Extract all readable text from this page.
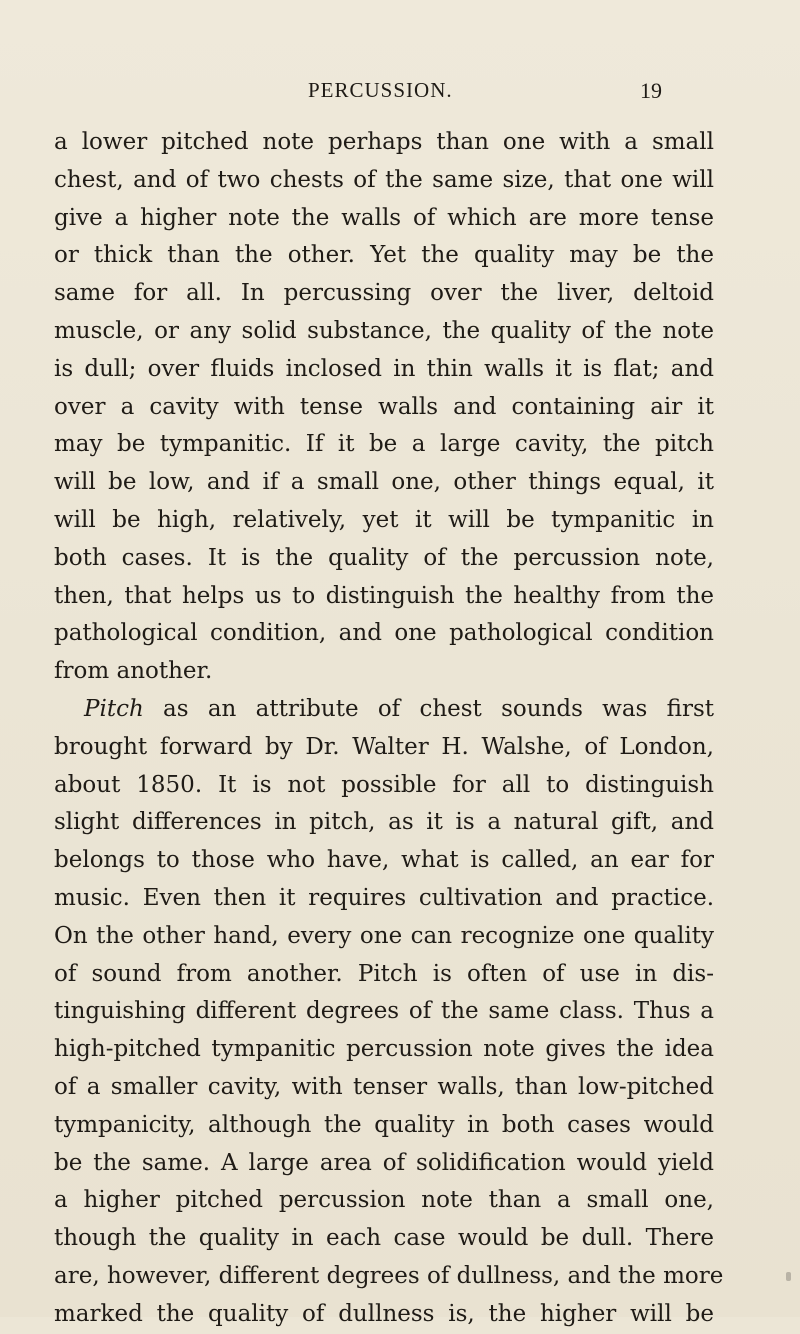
PERCUSSION.	19
a lower pitched note perhaps than one with a small
chest, and of two chests of the same size, that one will
give a higher note the walls of which are more tense
or thick than the other. Yet the quality may be the
same for all. In percussing over the liver, deltoid
muscle, or any solid substance, the quality of the note
is dull; over fluids inclosed in thin walls it is flat; and
over a cavity with tense walls and containing air it
may be tympanitic. If it be a large cavity, the pitch
will be low, and if a small one, other things equal, it
will be high, relatively, yet it will be tympanitic in
both cases. It is the quality of the percussion note,
then, that helps us to distinguish the healthy from the
pathological condition, and one pathological condition
from another.
Pitch as an attribute of chest sounds was first
brought forward by Dr. Walter H. Walshe, of London,
about 1850. It is not possible for all to distinguish
slight differences in pitch, as it is a natural gift, and
belongs to those who have, what is called, an ear for
music. Even then it requires cultivation and practice.
On the other hand, every one can recognize one quality
of sound from another. Pitch is often of use in dis-
tinguishing different degrees of the same class. Thus a
high-pitched tympanitic percussion note gives the idea
of a smaller cavity, with tenser walls, than low-pitched
tympanicity, although the quality in both cases would
be the same. A large area of solidification would yield
a higher pitched percussion note than a small one,
though the quality in each case would be dull. There
are, however, different degrees of dullness, and the more
marked the quality of dullness is, the higher will be
